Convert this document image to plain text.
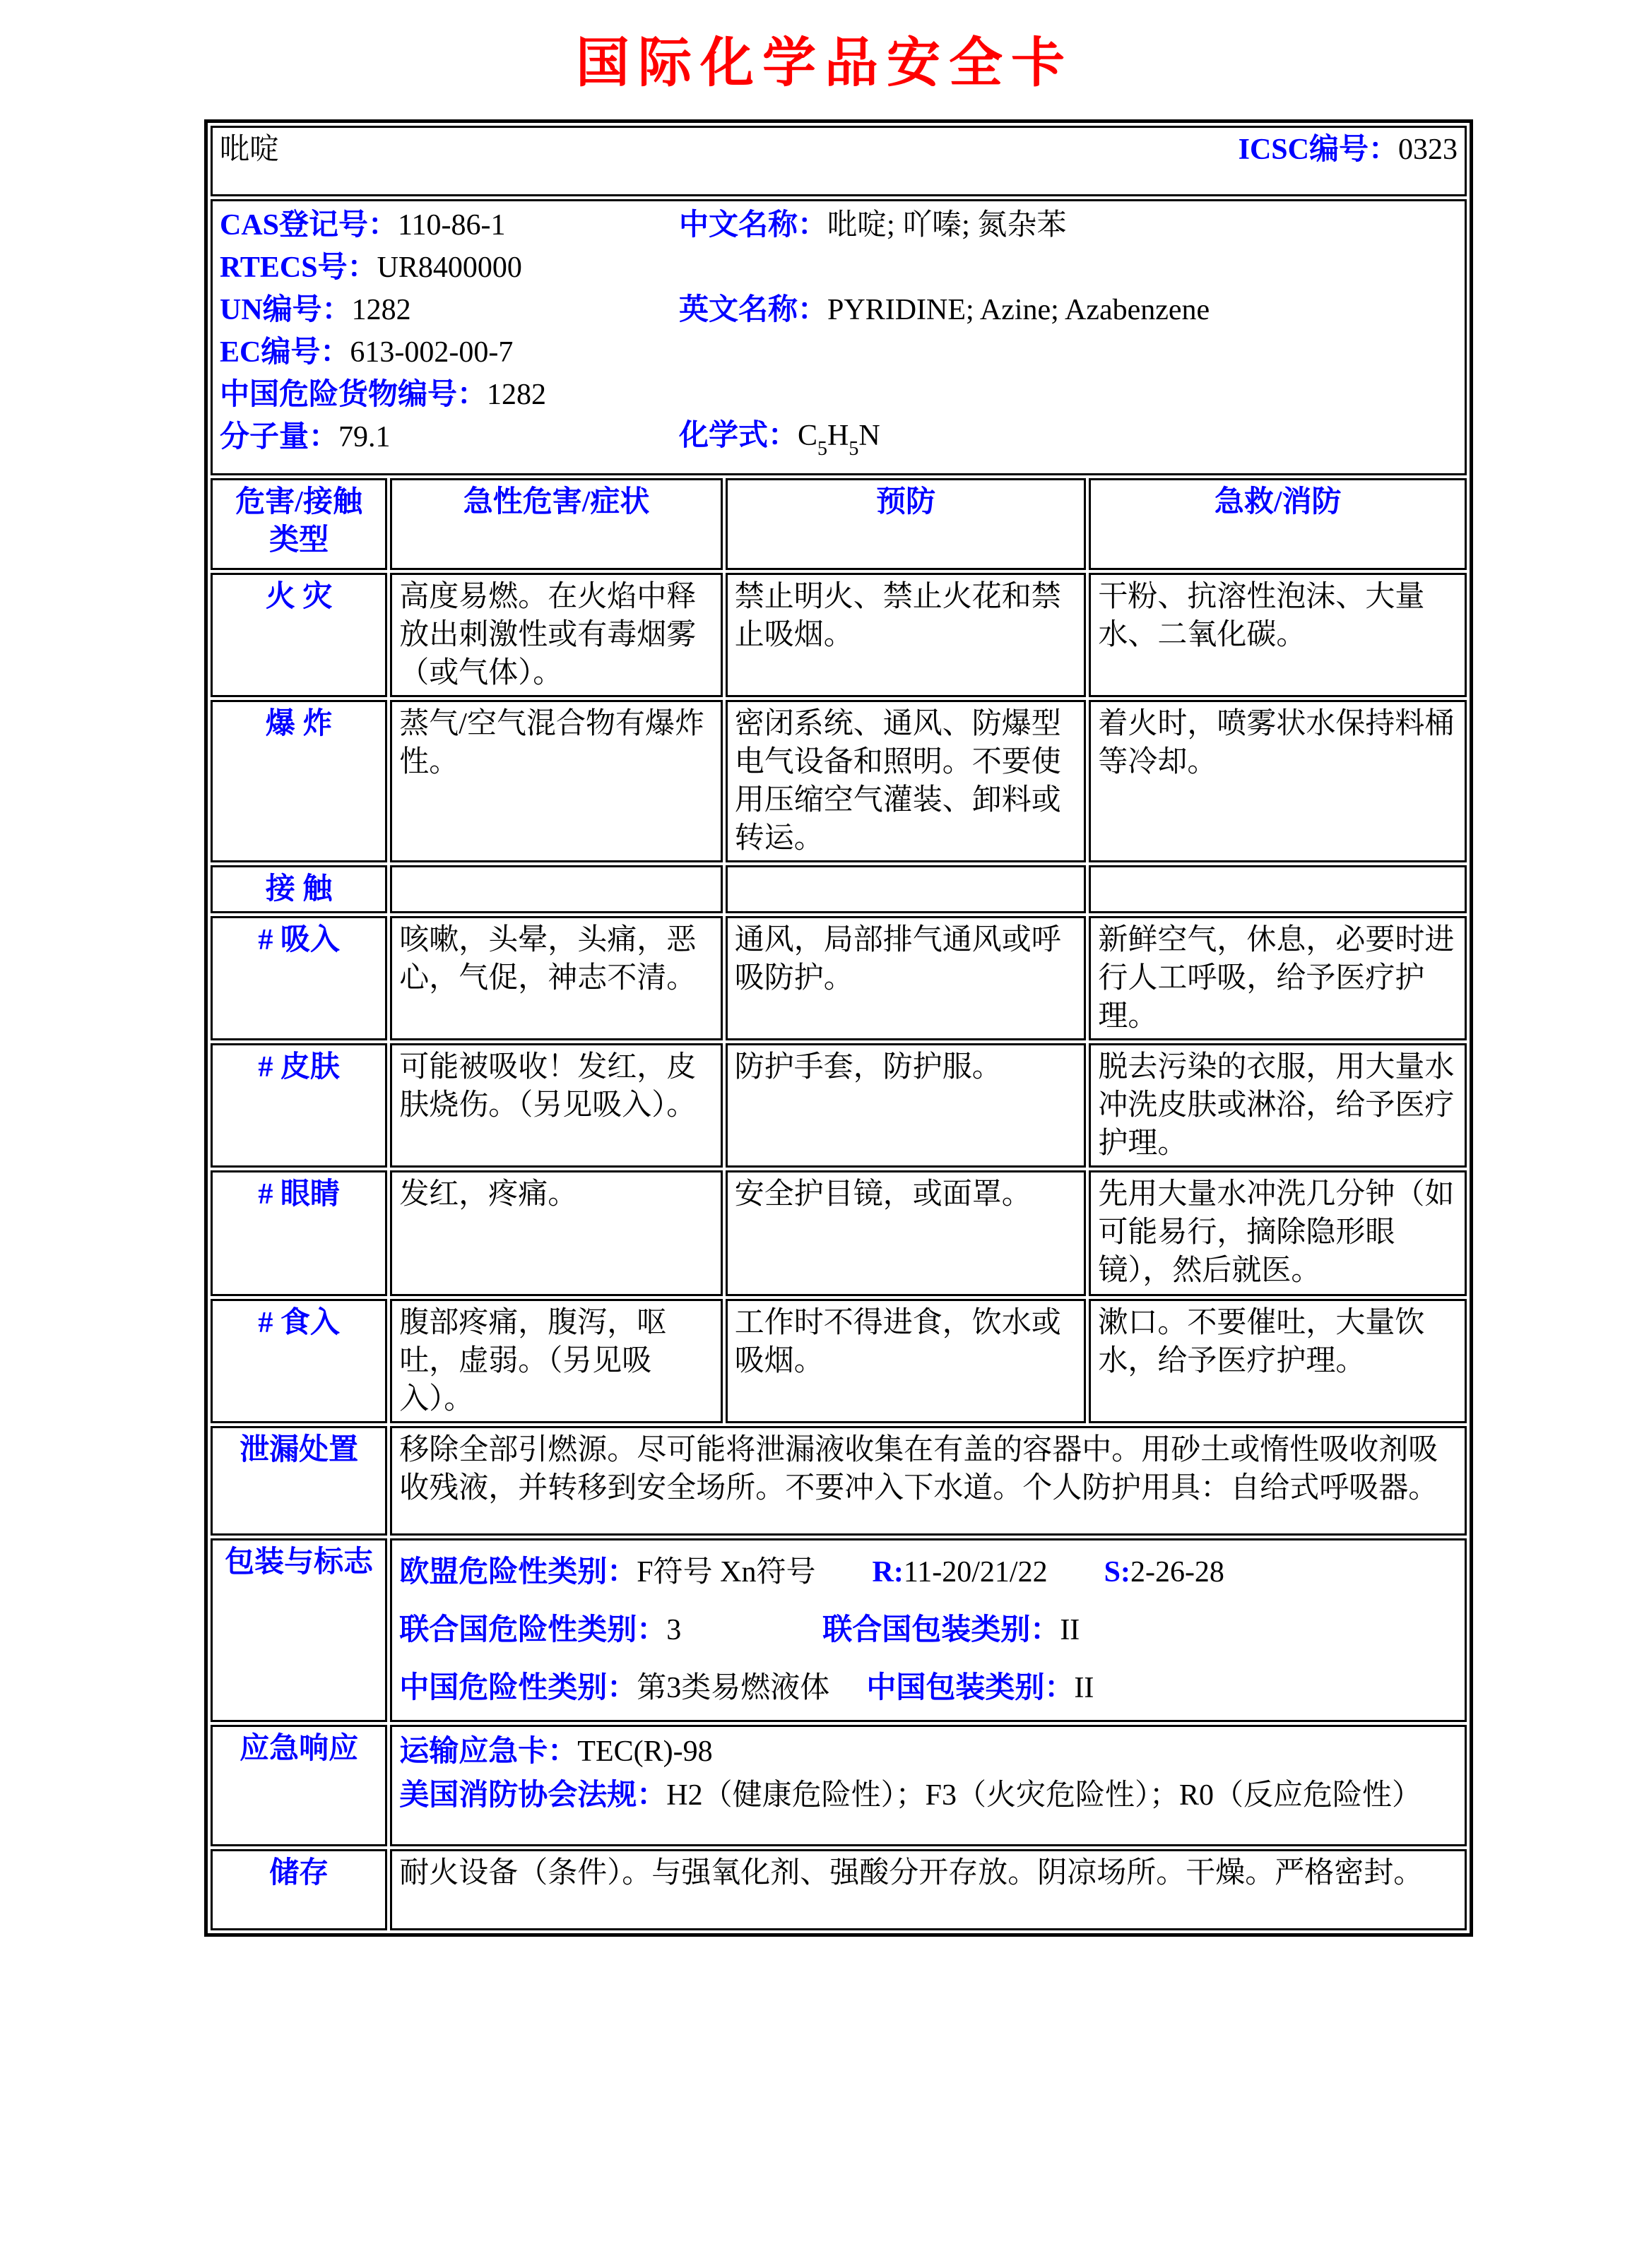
国际化学品安全卡
吡啶 ICSC编号：0323			

CAS登记号：110-86-1
RTECS号：UR8400000
UN编号：1282
EC编号：613-002-00-7
中国危险货物编号：1282
分子量：79.1
中文名称：吡啶; 吖嗪; 氮杂苯
英文名称：PYRIDINE; Azine; Azabenzene
化学式：$C_5H_5N$

危害/接触
类型	急性危害/症状	预防	急救/消防
火 灾	高度易燃。在火焰中释放出刺激性或有毒烟雾（或气体）。	禁止明火、禁止火花和禁止吸烟。	干粉、抗溶性泡沫、大量水、二氧化碳。
爆 炸	蒸气/空气混合物有爆炸性。	密闭系统、通风、防爆型电气设备和照明。不要使用压缩空气灌装、卸料或转运。	着火时，喷雾状水保持料桶等冷却。
接 触			
# 吸入	咳嗽，头晕，头痛，恶心，气促，神志不清。	通风，局部排气通风或呼吸防护。	新鲜空气，休息，必要时进行人工呼吸，给予医疗护理。
# 皮肤	可能被吸收！发红，皮肤烧伤。（另见吸入）。	防护手套，防护服。	脱去污染的衣服，用大量水冲洗皮肤或淋浴，给予医疗护理。
# 眼睛	发红，疼痛。	安全护目镜，或面罩。	先用大量水冲洗几分钟（如可能易行，摘除隐形眼镜），然后就医。
# 食入	腹部疼痛，腹泻，呕吐，虚弱。（另见吸入）。	工作时不得进食，饮水或吸烟。	漱口。不要催吐，大量饮水，给予医疗护理。
泄漏处置	移除全部引燃源。尽可能将泄漏液收集在有盖的容器中。用砂土或惰性吸收剂吸收残液，并转移到安全场所。不要冲入下水道。个人防护用具：自给式呼吸器。		
包装与标志	欧盟危险性类别：F符号 Xn符号 R:11-20/21/22 S:2-26-28
联合国危险性类别：3 联合国包装类别：II
中国危险性类别：第3类易燃液体 中国包装类别：II		

应急响应	运输应急卡：TEC(R)-98
美国消防协会法规：H2（健康危险性）；F3（火灾危险性）；R0（反应危险性）		

储存	耐火设备（条件）。与强氧化剂、强酸分开存放。阴凉场所。干燥。严格密封。		
